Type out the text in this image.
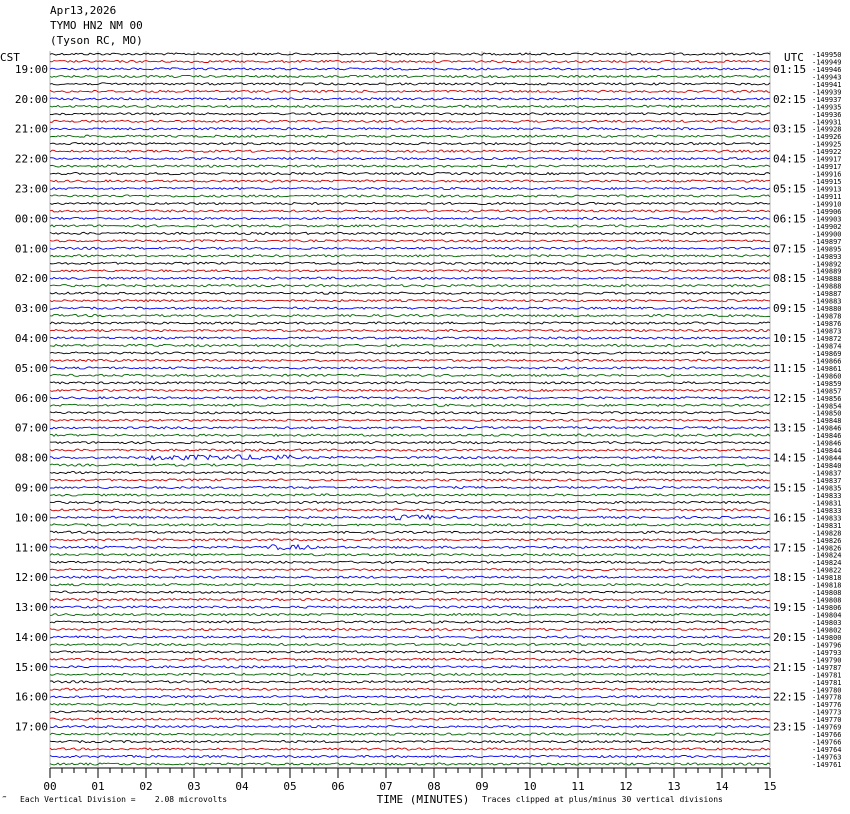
Apr13,2026
TYMO HN2 NM 00
(Tyson RC, MO)
CST	UTC
00	01	02	03	04	05	06	07	08	09	10	11	12	13	14	15
19:00
20:00
21:00
22:00
23:00
00:00
01:00
02:00
03:00
04:00
05:00
06:00
07:00
08:00
09:00
10:00
11:00
12:00
13:00
14:00
15:00
16:00
17:00
01:15
02:15
03:15
04:15
05:15
06:15
07:15
08:15
09:15
10:15
11:15
12:15
13:15
14:15
15:15
16:15
17:15
18:15
19:15
20:15
21:15
22:15
23:15
-149950
-149949
-149946
-149943
-149941
-149939
-149937
-149935
-149936
-149931
-149928
-149926
-149925
-149922
-149917
-149917
-149916
-149915
-149913
-149911
-149910
-149906
-149903
-149902
-149900
-149897
-149895
-149893
-149892
-149889
-149888
-149888
-149887
-149883
-149880
-149878
-149876
-149873
-149872
-149874
-149869
-149866
-149861
-149860
-149859
-149857
-149856
-149854
-149850
-149848
-149846
-149846
-149846
-149844
-149844
-149840
-149837
-149837
-149835
-149833
-149831
-149833
-149833
-149831
-149828
-149826
-149826
-149824
-149824
-149822
-149818
-149818
-149808
-149808
-149806
-149804
-149803
-149802
-149800
-149796
-149793
-149790
-149787
-149781
-149781
-149780
-149778
-149776
-149773
-149770
-149769
-149766
-149766
-149764
-149763
-149761
TIME (MINUTES)
‴ Each Vertical Division =    2.08 microvolts	Traces clipped at plus/minus 30 vertical divisions
